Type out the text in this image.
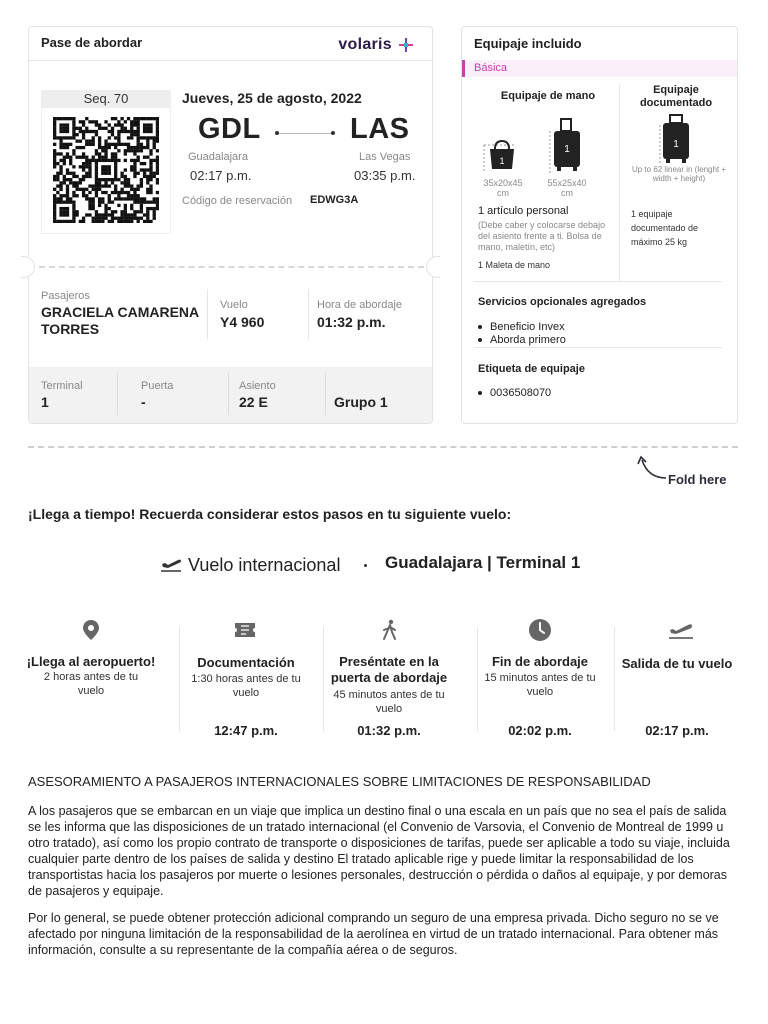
Pase de abordar	volaris
Seq. 70	Jueves, 25 de agosto, 2022
GDL	LAS
Guadalajara	Las Vegas
02:17 p.m.	03:35 p.m.
Código de reservación EDWG3A
Pasajeros
GRACIELA CAMARENA TORRES
Vuelo
Y4 960
Hora de abordaje
01:32 p.m.
Terminal
1
Puerta
-
Asiento
22 E	Grupo 1
Equipaje incluido
Básica
Equipaje de mano	Equipaje documentado
1
1	1
35x20x45 cm
55x25x40 cm
Up to 62 linear in (lenght + width + height)
1 artículo personal
(Debe caber y colocarse debajo del asiento frente a ti. Bolsa de mano, maletín, etc)
1 Maleta de mano
1 equipaje documentado de máximo 25 kg
Servicios opcionales agregados
Beneficio Invex
Aborda primero
Etiqueta de equipaje
0036508070
Fold here
¡Llega a tiempo! Recuerda considerar estos pasos en tu siguiente vuelo:
Vuelo internacional	Guadalajara | Terminal 1
¡Llega al aeropuerto!
2 horas antes de tu vuelo
Documentación
1:30 horas antes de tu vuelo
12:47 p.m.
Preséntate en la puerta de abordaje
45 minutos antes de tu vuelo
01:32 p.m.
Fin de abordaje
15 minutos antes de tu vuelo
02:02 p.m.
Salida de tu vuelo
02:17 p.m.
ASESORAMIENTO A PASAJEROS INTERNACIONALES SOBRE LIMITACIONES DE RESPONSABILIDAD
A los pasajeros que se embarcan en un viaje que implica un destino final o una escala en un país que no sea el país de salida se les informa que las disposiciones de un tratado internacional (el Convenio de Varsovia, el Convenio de Montreal de 1999 u otro tratado), así como los propio contrato de transporte o disposiciones de tarifas, puede ser aplicable a todo su viaje, incluida cualquier parte dentro de los países de salida y destino El tratado aplicable rige y puede limitar la responsabilidad de los transportistas hacia los pasajeros por muerte o lesiones personales, destrucción o pérdida o daños al equipaje, y por demoras de pasajeros y equipaje.
Por lo general, se puede obtener protección adicional comprando un seguro de una empresa privada. Dicho seguro no se ve afectado por ninguna limitación de la responsabilidad de la aerolínea en virtud de un tratado internacional. Para obtener más información, consulte a su representante de la compañía aérea o de seguros.
